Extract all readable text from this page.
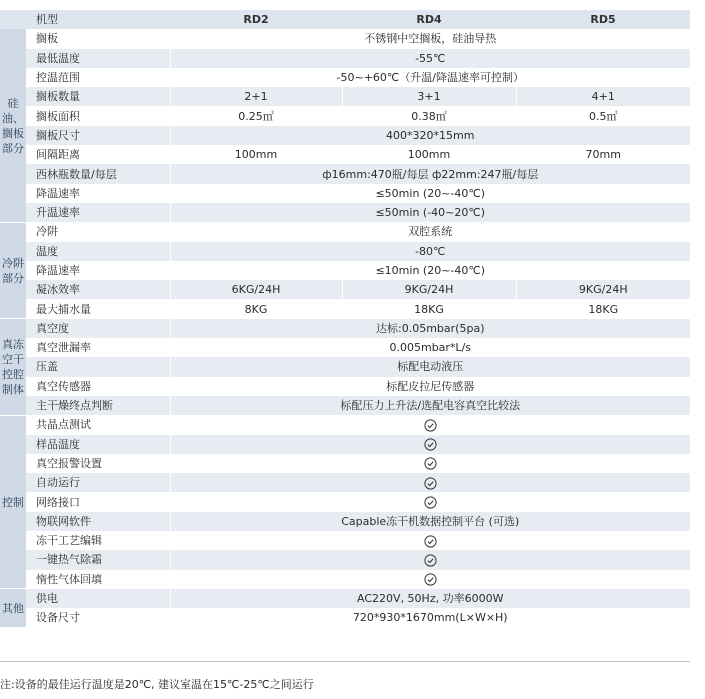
	机型	RD2	RD4	RD5
硅油、搁板部分	搁板	不锈钢中空搁板，硅油导热		
	最低温度	-55℃		
	控温范围	-50~+60℃（升温/降温速率可控制）		
	搁板数量	2+1	3+1	4+1
	搁板面积	0.25㎡	0.38㎡	0.5㎡
	搁板尺寸	400*320*15mm		
	间隔距离	100mm	100mm	70mm
	西林瓶数量/每层	ф16mm:470瓶/每层 ф22mm:247瓶/每层		
	降温速率	≤50min (20~-40℃)		
	升温速率	≤50min (-40~20℃)		
冷阱部分	冷阱	双腔系统		
	温度	-80℃		
	降温速率	≤10min (20~-40℃)		
	凝冰效率	6KG/24H	9KG/24H	9KG/24H
	最大捕水量	8KG	18KG	18KG
真冻空干控腔制体	真空度	达标:0.05mbar(5pa)		
	真空泄漏率	0.005mbar*L/s		
	压盖	标配电动液压		
	真空传感器	标配皮拉尼传感器		
	主干燥终点判断	标配压力上升法/选配电容真空比较法		
控制	共晶点测试	

	样品温度	

	真空报警设置	

	自动运行	

	网络接口	

	物联网软件	Capable冻干机数据控制平台 (可选)		
	冻干工艺编辑	

	一键热气除霜	

	惰性气体回填	

其他	供电	AC220V, 50Hz, 功率6000W		
	设备尺寸	720*930*1670mm(L×W×H)		
注:设备的最佳运行温度是20℃, 建议室温在15℃-25℃之间运行
